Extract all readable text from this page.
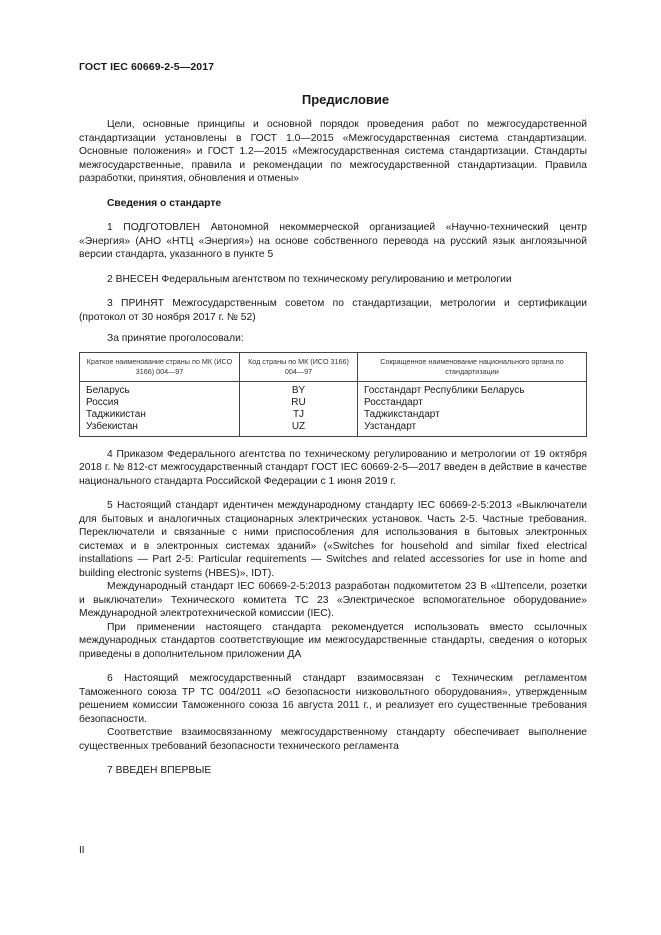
ГОСТ IEC 60669-2-5—2017
Предисловие

Цели, основные принципы и основной порядок проведения работ по межгосударственной стандартизации установлены в ГОСТ 1.0—2015 «Межгосударственная система стандартизации. Основные положения» и ГОСТ 1.2—2015 «Межгосударственная система стандартизации. Стандарты межгосударственные, правила и рекомендации по межгосударственной стандартизации. Правила разработки, принятия, обновления и отмены»

Сведения о стандарте

1 ПОДГОТОВЛЕН Автономной некоммерческой организацией «Научно-технический центр «Энергия» (АНО «НТЦ «Энергия») на основе собственного перевода на русский язык англоязычной версии стандарта, указанного в пункте 5

2 ВНЕСЕН Федеральным агентством по техническому регулированию и метрологии

3 ПРИНЯТ Межгосударственным советом по стандартизации, метрологии и сертификации (протокол от 30 ноября 2017 г. № 52)

За принятие проголосовали:

Краткое наименование страны по МК (ИСО 3166) 004—97	Код страны по МК (ИСО 3166) 004—97	Сокращенное наименование национального органа по стандартизации
Беларусь	BY	Госстандарт Республики Беларусь
Россия	RU	Росстандарт
Таджикистан	TJ	Таджикстандарт
Узбекистан	UZ	Узстандарт

4 Приказом Федерального агентства по техническому регулированию и метрологии от 19 октября 2018 г. № 812-ст межгосударственный стандарт ГОСТ IEC 60669-2-5—2017 введен в действие в качестве национального стандарта Российской Федерации с 1 июня 2019 г.

5 Настоящий стандарт идентичен международному стандарту IEC 60669-2-5:2013 «Выключатели для бытовых и аналогичных стационарных электрических установок. Часть 2-5. Частные требования. Переключатели и связанные с ними приспособления для использования в бытовых электронных системах и в электронных системах зданий» («Switches for household and similar fixed electrical installations — Part 2-5: Particular requirements — Switches and related accessories for use in home and building electronic systems (HBES)», IDT).

Международный стандарт IEC 60669-2-5:2013 разработан подкомитетом 23 В «Штепсели, розетки и выключатели» Технического комитета ТС 23 «Электрическое вспомогательное оборудование» Международной электротехнической комиссии (IEC).

При применении настоящего стандарта рекомендуется использовать вместо ссылочных международных стандартов соответствующие им межгосударственные стандарты, сведения о которых приведены в дополнительном приложении ДА

6 Настоящий межгосударственный стандарт взаимосвязан с Техническим регламентом Таможенного союза ТР ТС 004/2011 «О безопасности низковольтного оборудования», утвержденным решением комиссии Таможенного союза 16 августа 2011 г., и реализует его существенные требования безопасности.

Соответствие взаимосвязанному межгосударственному стандарту обеспечивает выполнение существенных требований безопасности технического регламента

7 ВВЕДЕН ВПЕРВЫЕ

II
